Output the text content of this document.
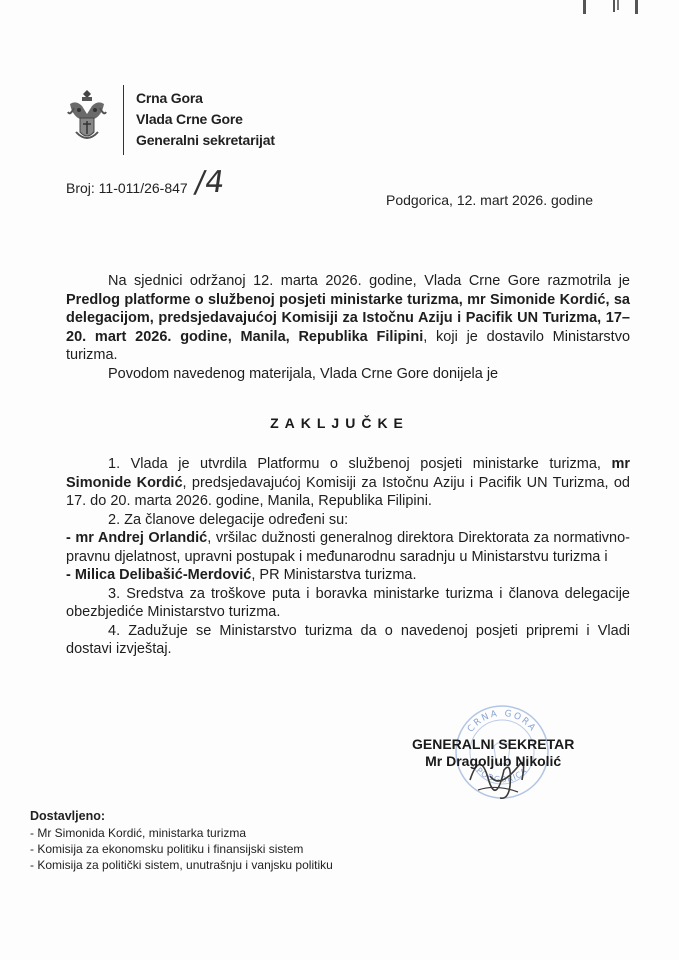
Crna Gora
Vlada Crne Gore
Generalni sekretarijat
Broj: 11-011/26-847 /4	Podgorica, 12. mart 2026. godine

Na sjednici održanoj 12. marta 2026. godine, Vlada Crne Gore razmotrila je Predlog platforme o službenoj posjeti ministarke turizma, mr Simonide Kordić, sa delegacijom, predsjedavajućoj Komisiji za Istočnu Aziju i Pacifik UN Turizma, 17–20. mart 2026. godine, Manila, Republika Filipini, koji je dostavilo Ministarstvo turizma.

Povodom navedenog materijala, Vlada Crne Gore donijela je

ZAKLJUČKE

1. Vlada je utvrdila Platformu o službenoj posjeti ministarke turizma, mr Simonide Kordić, predsjedavajućoj Komisiji za Istočnu Aziju i Pacifik UN Turizma, od 17. do 20. marta 2026. godine, Manila, Republika Filipini.

2. Za članove delegacije određeni su:

- mr Andrej Orlandić, vršilac dužnosti generalnog direktora Direktorata za normativno-pravnu djelatnost, upravni postupak i međunarodnu saradnju u Ministarstvu turizma i

- Milica Delibašić-Merdović, PR Ministarstva turizma.

3. Sredstva za troškove puta i boravka ministarke turizma i članova delegacije obezbjediće Ministarstvo turizma.

4. Zadužuje se Ministarstvo turizma da o navedenoj posjeti pripremi i Vladi dostavi izvještaj.

CRNA GORA
PODGORICA
GENERALNI SEKRETAR
Mr Dragoljub Nikolić
Dostavljeno:
- Mr Simonida Kordić, ministarka turizma
- Komisija za ekonomsku politiku i finansijski sistem
- Komisija za politički sistem, unutrašnju i vanjsku politiku
